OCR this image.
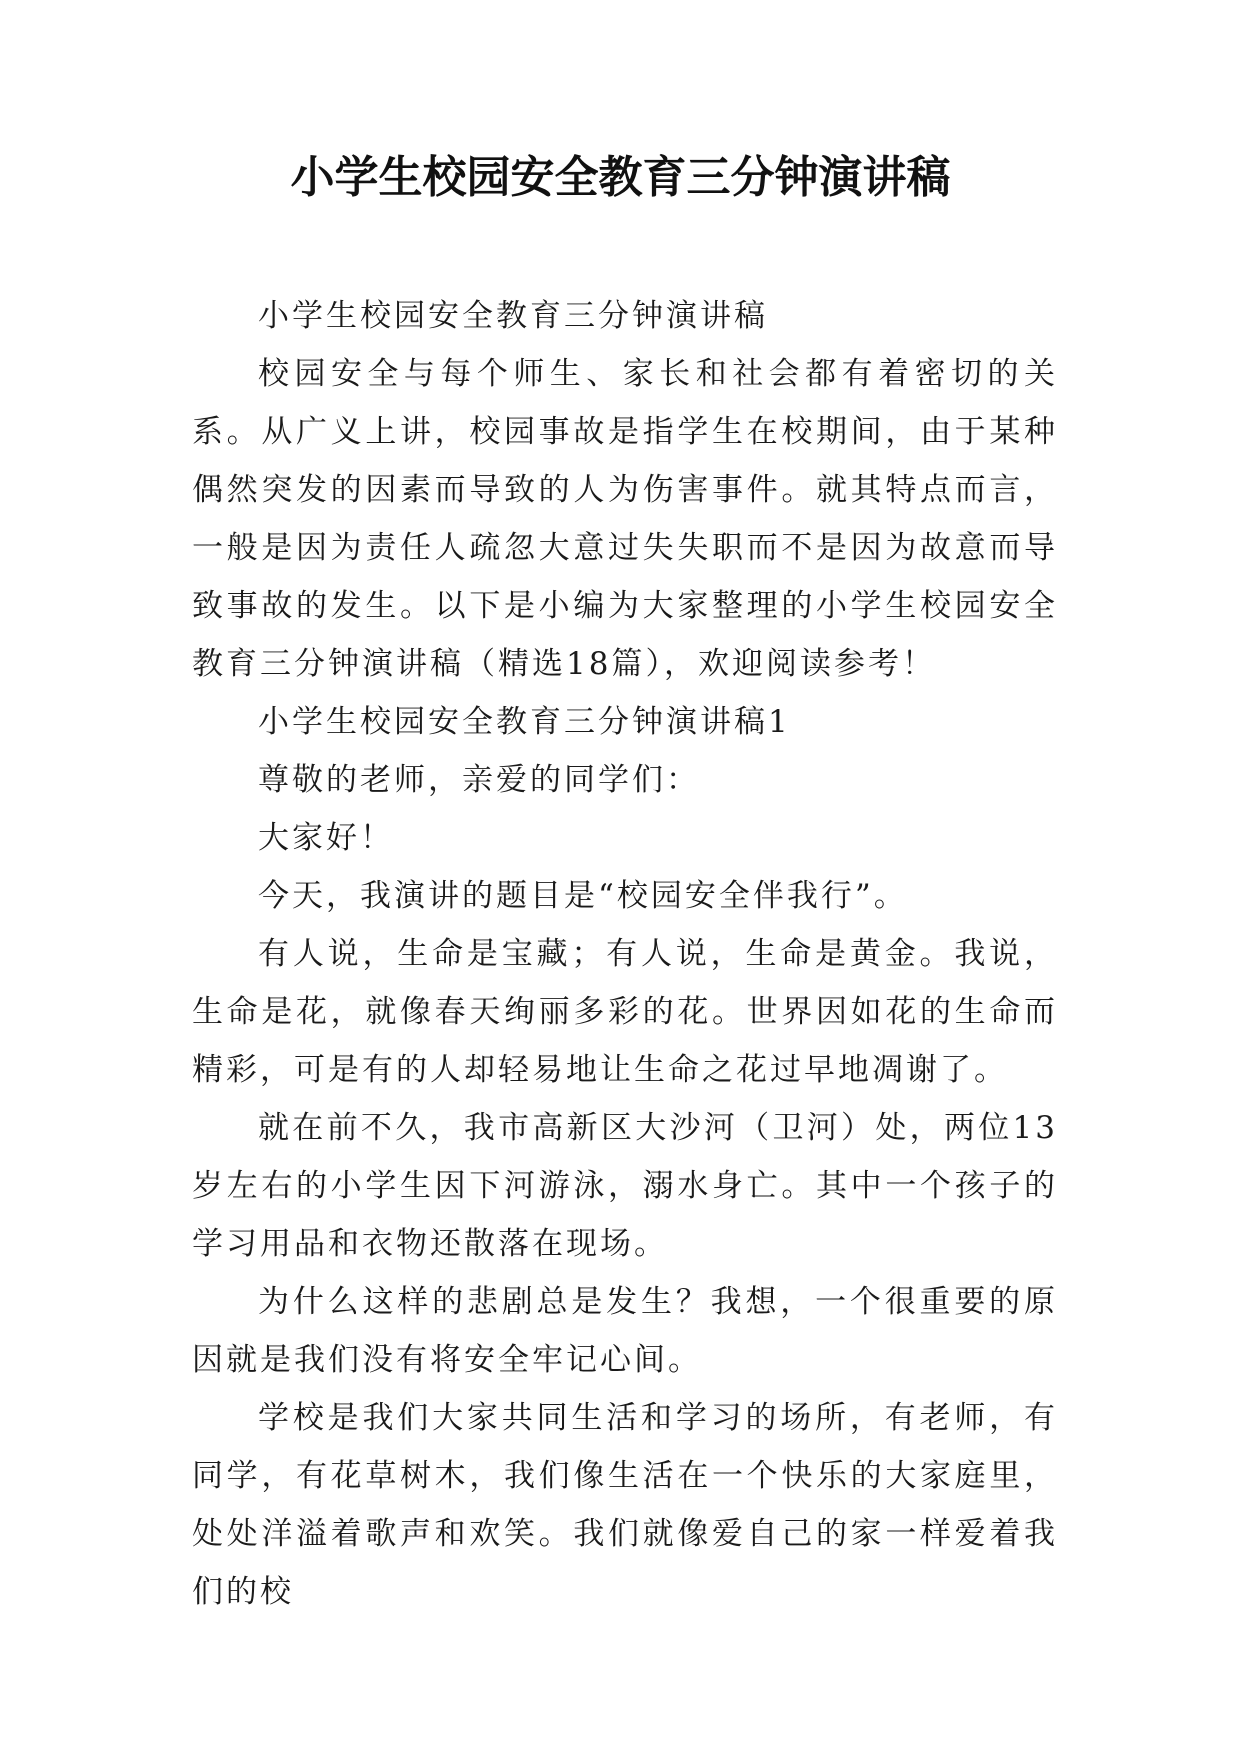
小学生校园安全教育三分钟演讲稿

小学生校园安全教育三分钟演讲稿

校园安全与每个师生、家长和社会都有着密切的关系。从广义上讲，校园事故是指学生在校期间，由于某种偶然突发的因素而导致的人为伤害事件。就其特点而言，一般是因为责任人疏忽大意过失失职而不是因为故意而导致事故的发生。以下是小编为大家整理的小学生校园安全教育三分钟演讲稿（精选18篇），欢迎阅读参考！

小学生校园安全教育三分钟演讲稿1

尊敬的老师，亲爱的同学们：

大家好！

今天，我演讲的题目是“校园安全伴我行”。

有人说，生命是宝藏；有人说，生命是黄金。我说，生命是花，就像春天绚丽多彩的花。世界因如花的生命而精彩，可是有的人却轻易地让生命之花过早地凋谢了。

就在前不久，我市高新区大沙河（卫河）处，两位13岁左右的小学生因下河游泳，溺水身亡。其中一个孩子的学习用品和衣物还散落在现场。

为什么这样的悲剧总是发生？我想，一个很重要的原因就是我们没有将安全牢记心间。

学校是我们大家共同生活和学习的场所，有老师，有同学，有花草树木，我们像生活在一个快乐的大家庭里，处处洋溢着歌声和欢笑。我们就像爱自己的家一样爱着我们的校
